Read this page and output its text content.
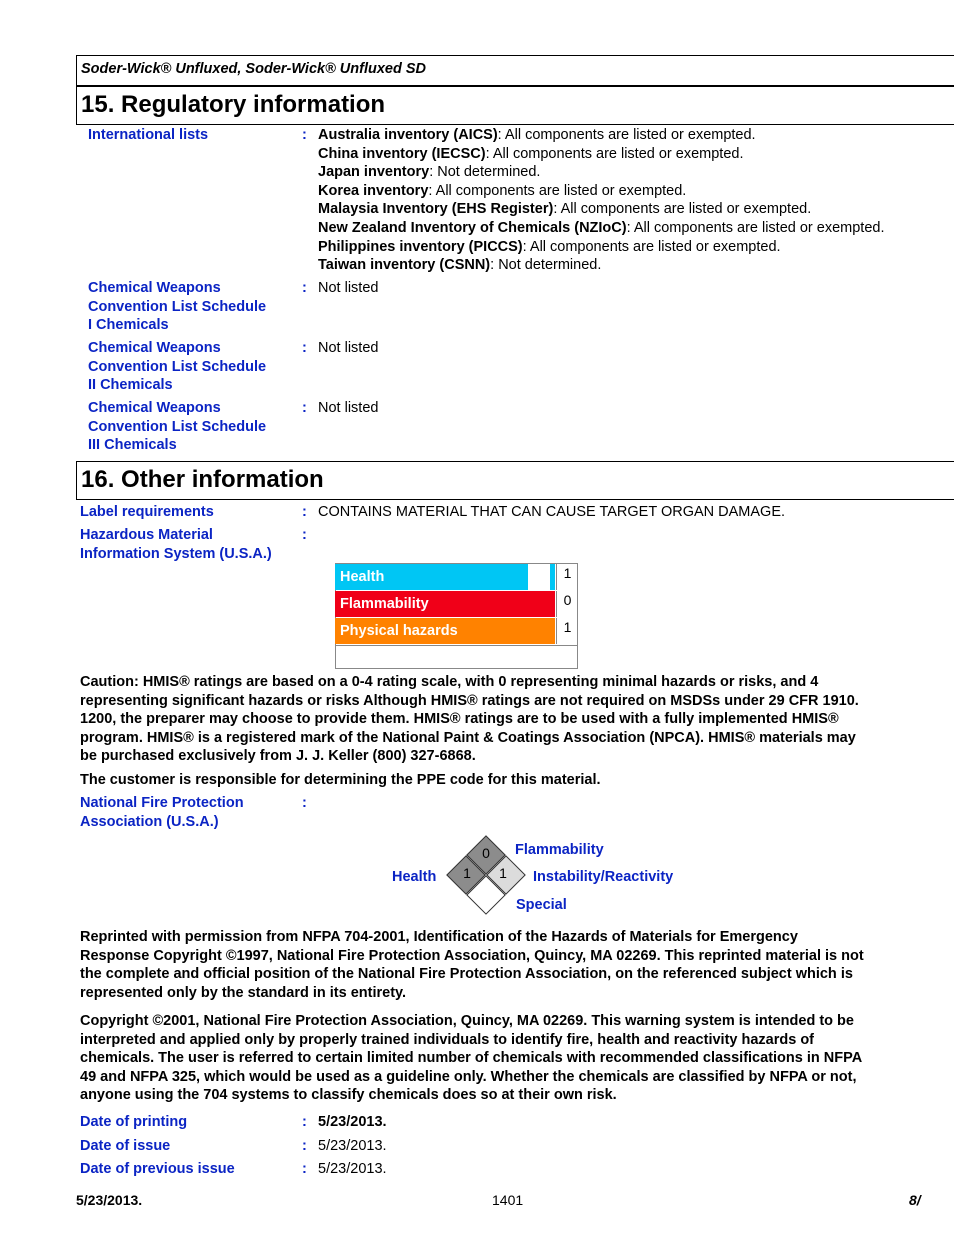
Soder-Wick® Unfluxed, Soder-Wick® Unfluxed SD
15. Regulatory information
International lists	: Australia inventory (AICS): All components are listed or exempted.
China inventory (IECSC): All components are listed or exempted.
Japan inventory: Not determined.
Korea inventory: All components are listed or exempted.
Malaysia Inventory (EHS Register): All components are listed or exempted.
New Zealand Inventory of Chemicals (NZIoC): All components are listed or exempted.
Philippines inventory (PICCS): All components are listed or exempted.
Taiwan inventory (CSNN): Not determined.
Chemical Weapons
Convention List Schedule
I Chemicals
: Not listed
Chemical Weapons
Convention List Schedule
II Chemicals
: Not listed
Chemical Weapons
Convention List Schedule
III Chemicals
: Not listed
16. Other information
Label requirements	: CONTAINS MATERIAL THAT CAN CAUSE TARGET ORGAN DAMAGE.
Hazardous Material
Information System (U.S.A.)
:
Health	1
Flammability	0
Physical hazards	1
Caution: HMIS® ratings are based on a 0-4 rating scale, with 0 representing minimal hazards or risks, and 4
representing significant hazards or risks Although HMIS® ratings are not required on MSDSs under 29 CFR 1910.
1200, the preparer may choose to provide them. HMIS® ratings are to be used with a fully implemented HMIS®
program. HMIS® is a registered mark of the National Paint & Coatings Association (NPCA). HMIS® materials may
be purchased exclusively from J. J. Keller (800) 327-6868.
The customer is responsible for determining the PPE code for this material.
National Fire Protection
Association (U.S.A.)
:
0
1 1
Flammability
Health	Instability/Reactivity
Special
Reprinted with permission from NFPA 704-2001, Identification of the Hazards of Materials for Emergency
Response Copyright ©1997, National Fire Protection Association, Quincy, MA 02269. This reprinted material is not
the complete and official position of the National Fire Protection Association, on the referenced subject which is
represented only by the standard in its entirety.
Copyright ©2001, National Fire Protection Association, Quincy, MA 02269. This warning system is intended to be
interpreted and applied only by properly trained individuals to identify fire, health and reactivity hazards of
chemicals. The user is referred to certain limited number of chemicals with recommended classifications in NFPA
49 and NFPA 325, which would be used as a guideline only. Whether the chemicals are classified by NFPA or not,
anyone using the 704 systems to classify chemicals does so at their own risk.
Date of printing	: 5/23/2013.
Date of issue	: 5/23/2013.
Date of previous issue	: 5/23/2013.
5/23/2013.	1401	8/
